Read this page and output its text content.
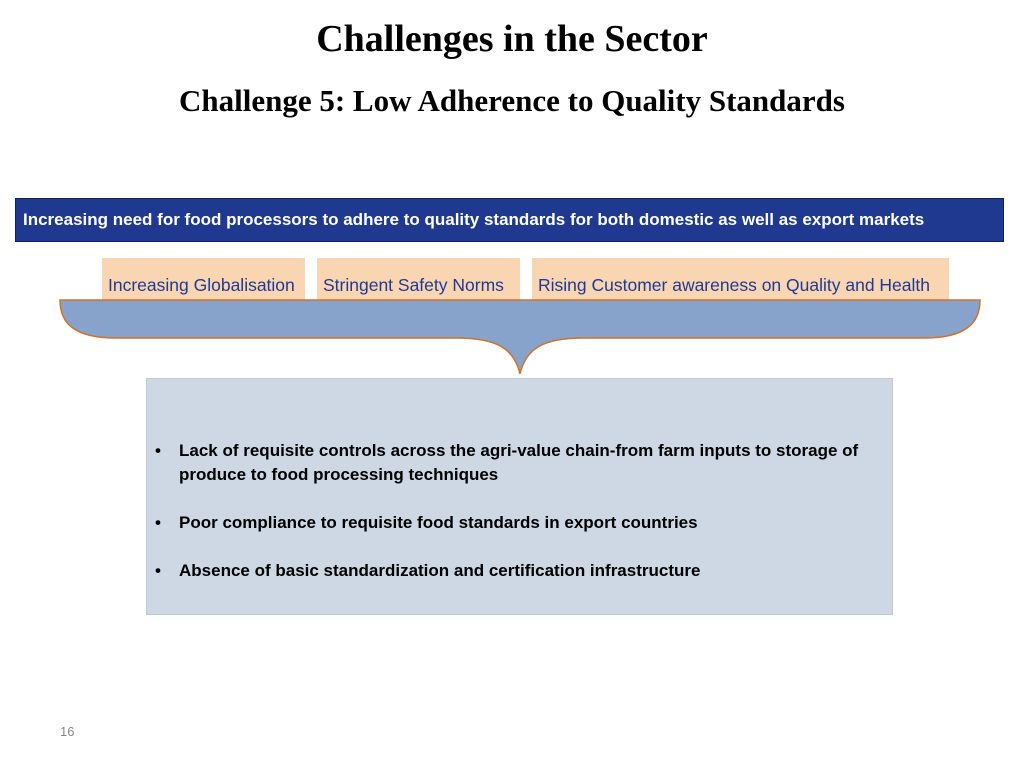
Challenges in the Sector
Challenge 5: Low Adherence to Quality Standards
Increasing need for food processors to adhere to quality standards for both domestic as well as export markets
Increasing Globalisation	Stringent Safety Norms	Rising Customer awareness on Quality and Health
• Lack of requisite controls across the agri-value chain-from farm inputs to storage of produce to food processing techniques
• Poor compliance to requisite food standards in export countries
• Absence of basic standardization and certification infrastructure
16
